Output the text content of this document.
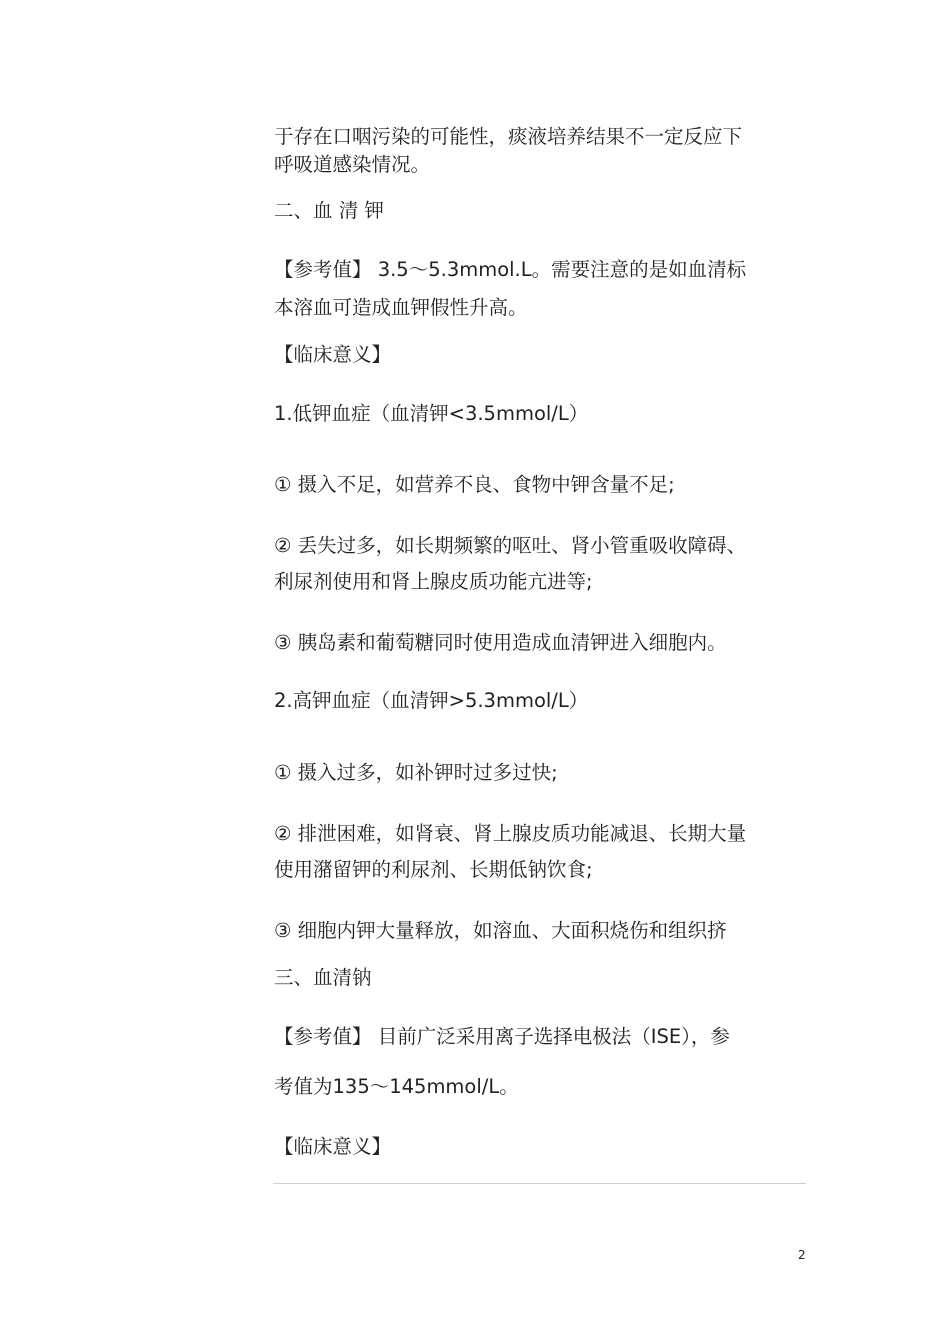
于存在口咽污染的可能性，痰液培养结果不一定反应下
呼吸道感染情况。
二、血 清 钾
【参考值】 3.5～5.3mmol.L。需要注意的是如血清标
本溶血可造成血钾假性升高。
【临床意义】
1.低钾血症（血清钾<3.5mmol/L）
① 摄入不足，如营养不良、食物中钾含量不足;
② 丢失过多，如长期频繁的呕吐、肾小管重吸收障碍、
利尿剂使用和肾上腺皮质功能亢进等;
③ 胰岛素和葡萄糖同时使用造成血清钾进入细胞内。
2.高钾血症（血清钾>5.3mmol/L）
① 摄入过多，如补钾时过多过快;
② 排泄困难，如肾衰、肾上腺皮质功能减退、长期大量
使用潴留钾的利尿剂、长期低钠饮食;
③ 细胞内钾大量释放，如溶血、大面积烧伤和组织挤
三、血清钠
【参考值】 目前广泛采用离子选择电极法（ISE），参
考值为135～145mmol/L。
【临床意义】
2
